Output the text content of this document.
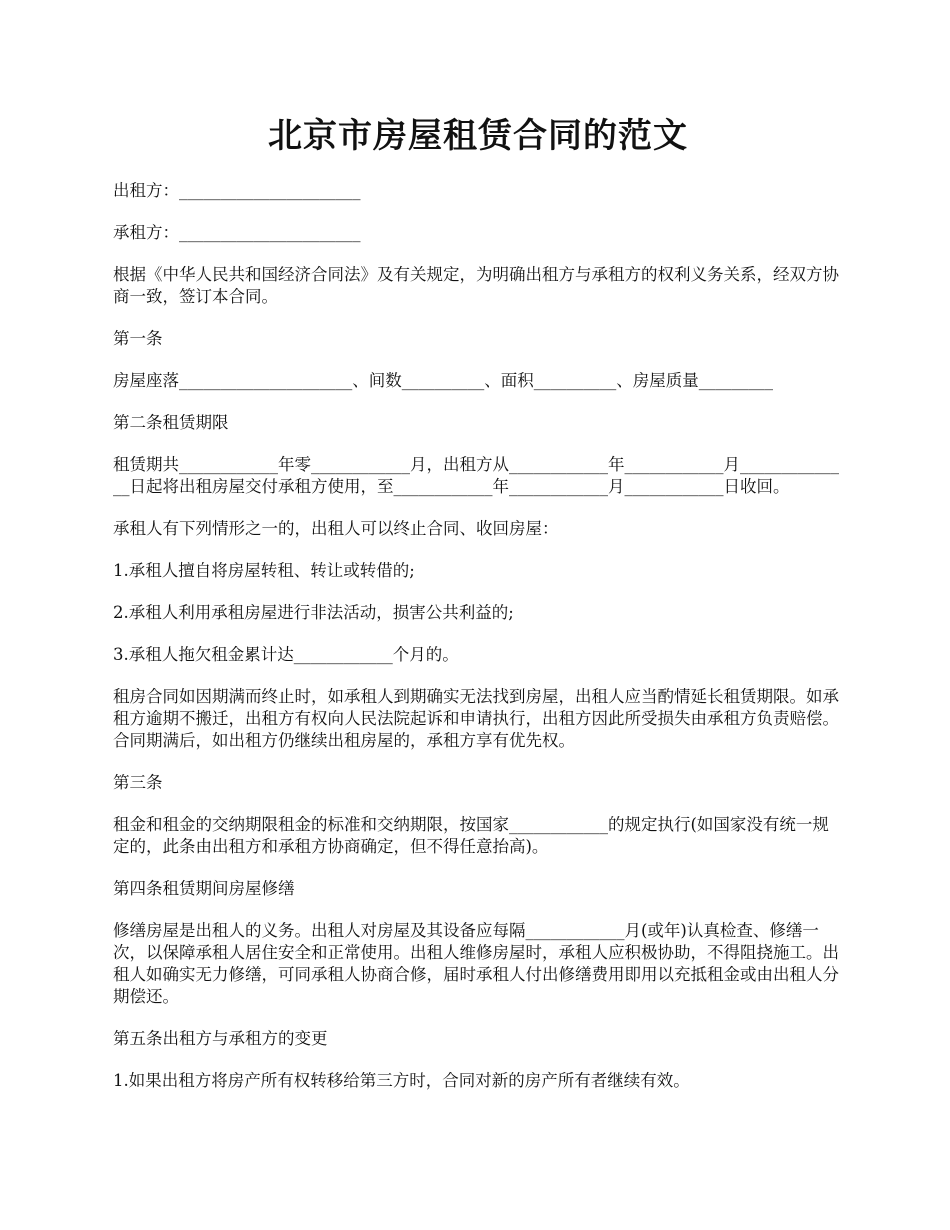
北京市房屋租赁合同的范文

出租方：______________________

承租方：______________________

根据《中华人民共和国经济合同法》及有关规定，为明确出租方与承租方的权利义务关系，经双方协商一致，签订本合同。

第一条

房屋座落_____________________、间数__________、面积__________、房屋质量_________

第二条租赁期限

租赁期共____________年零____________月，出租方从____________年____________月______________日起将出租房屋交付承租方使用，至____________年____________月____________日收回。

承租人有下列情形之一的，出租人可以终止合同、收回房屋：

1.承租人擅自将房屋转租、转让或转借的;

2.承租人利用承租房屋进行非法活动，损害公共利益的;

3.承租人拖欠租金累计达____________个月的。

租房合同如因期满而终止时，如承租人到期确实无法找到房屋，出租人应当酌情延长租赁期限。如承租方逾期不搬迁，出租方有权向人民法院起诉和申请执行，出租方因此所受损失由承租方负责赔偿。合同期满后，如出租方仍继续出租房屋的，承租方享有优先权。

第三条

租金和租金的交纳期限租金的标准和交纳期限，按国家____________的规定执行(如国家没有统一规定的，此条由出租方和承租方协商确定，但不得任意抬高)。

第四条租赁期间房屋修缮

修缮房屋是出租人的义务。出租人对房屋及其设备应每隔____________月(或年)认真检查、修缮一次，以保障承租人居住安全和正常使用。出租人维修房屋时，承租人应积极协助，不得阻挠施工。出租人如确实无力修缮，可同承租人协商合修，届时承租人付出修缮费用即用以充抵租金或由出租人分期偿还。

第五条出租方与承租方的变更

1.如果出租方将房产所有权转移给第三方时，合同对新的房产所有者继续有效。
